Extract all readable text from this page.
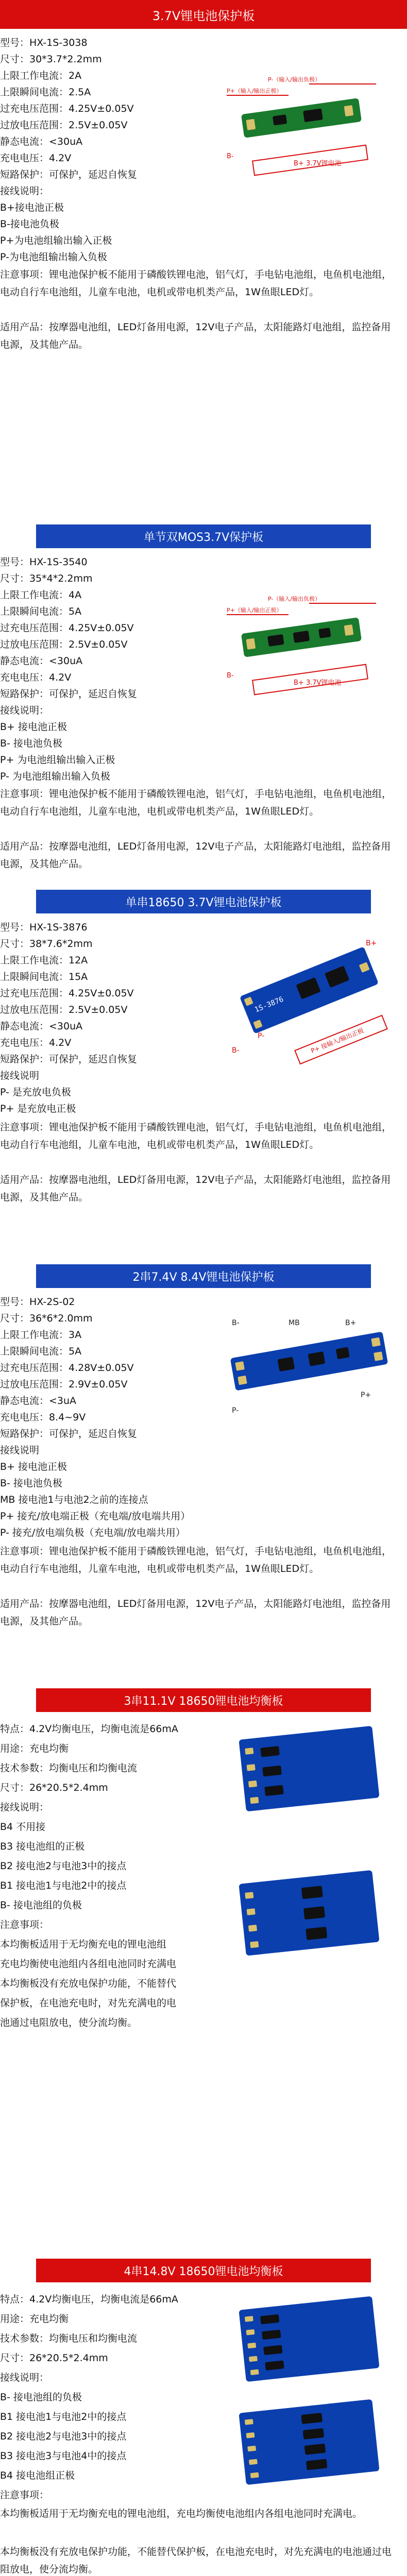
3.7V锂电池保护板
型号：HX-1S-3038
尺寸：30*3.7*2.2mm
上限工作电流：2A
上限瞬间电流：2.5A
过充电压范围：4.25V±0.05V
过放电压范围：2.5V±0.05V
静态电流：<30uA
充电电压：4.2V
短路保护：可保护，延迟自恢复
接线说明：
B+接电池正极
B-接电池负极
P+为电池组输出输入正极
P-为电池组输出输入负极
注意事项：锂电池保护板不能用于磷酸铁锂电池，铝气灯，手电钻电池组，电鱼机电池组，电动自行车电池组，儿童车电池，电机或带电机类产品，1W鱼眼LED灯。
适用产品：按摩器电池组，LED灯备用电源，12V电子产品，太阳能路灯电池组，监控备用电源，及其他产品。
P-（输入/输出负极）
P+（输入/输出正极）
B-
B+ 3.7V锂电池
单节双MOS3.7V保护板
型号：HX-1S-3540
尺寸：35*4*2.2mm
上限工作电流：4A
上限瞬间电流：5A
过充电压范围：4.25V±0.05V
过放电压范围：2.5V±0.05V
静态电流：<30uA
充电电压：4.2V
短路保护：可保护，延迟自恢复
接线说明：
B+ 接电池正极
B- 接电池负极
P+ 为电池组输出输入正极
P- 为电池组输出输入负极
注意事项：锂电池保护板不能用于磷酸铁锂电池，铝气灯，手电钻电池组，电鱼机电池组，电动自行车电池组，儿童车电池，电机或带电机类产品，1W鱼眼LED灯。
适用产品：按摩器电池组，LED灯备用电源，12V电子产品，太阳能路灯电池组，监控备用电源，及其他产品。
P-（输入/输出负极）
P+（输入/输出正极）
B-
B+ 3.7V锂电池
单串18650 3.7V锂电池保护板
型号：HX-1S-3876
尺寸：38*7.6*2mm
上限工作电流：12A
上限瞬间电流：15A
过充电压范围：4.25V±0.05V
过放电压范围：2.5V±0.05V
静态电流：<30uA
充电电压：4.2V
短路保护：可保护，延迟自恢复
接线说明
P- 是充放电负极
P+ 是充放电正极
注意事项：锂电池保护板不能用于磷酸铁锂电池，铝气灯，手电钻电池组，电鱼机电池组，电动自行车电池组，儿童车电池，电机或带电机类产品，1W鱼眼LED灯。
适用产品：按摩器电池组，LED灯备用电源，12V电子产品，太阳能路灯电池组，监控备用电源，及其他产品。
1S-3876
B+
B-
P-	P+ 接输入/输出正极
2串7.4V 8.4V锂电池保护板
型号：HX-2S-02
尺寸：36*6*2.0mm
上限工作电流：3A
上限瞬间电流：5A
过充电压范围：4.28V±0.05V
过放电压范围：2.9V±0.05V
静态电流：<3uA
充电电压：8.4~9V
短路保护：可保护，延迟自恢复
接线说明
B+ 接电池正极
B- 接电池负极
MB 接电池1与电池2之前的连接点
P+ 接充/放电端正极（充电端/放电端共用）
P- 接充/放电端负极（充电端/放电端共用）
注意事项：锂电池保护板不能用于磷酸铁锂电池，铝气灯，手电钻电池组，电鱼机电池组，电动自行车电池组，儿童车电池，电机或带电机类产品，1W鱼眼LED灯。
适用产品：按摩器电池组，LED灯备用电源，12V电子产品，太阳能路灯电池组，监控备用电源，及其他产品。
B-	MB	B+
P-
P+
3串11.1V 18650锂电池均衡板
特点：4.2V均衡电压，均衡电流是66mA
用途：充电均衡
技术参数：均衡电压和均衡电流
尺寸：26*20.5*2.4mm
接线说明：
B4 不用接
B3 接电池组的正极
B2 接电池2与电池3中的接点
B1 接电池1与电池2中的接点
B- 接电池组的负极
注意事项：
本均衡板适用于无均衡充电的锂电池组
充电均衡使电池组内各组电池同时充满电
本均衡板没有充放电保护功能，不能替代
保护板，在电池充电时，对先充满电的电
池通过电阻放电，使分流均衡。
4串14.8V 18650锂电池均衡板
特点：4.2V均衡电压，均衡电流是66mA
用途：充电均衡
技术参数：均衡电压和均衡电流
尺寸：26*20.5*2.4mm
接线说明：
B- 接电池组的负极
B1 接电池1与电池2中的接点
B2 接电池2与电池3中的接点
B3 接电池3与电池4中的接点
B4 接电池组正极
注意事项：
本均衡板适用于无均衡充电的锂电池组，充电均衡使电池组内各组电池同时充满电。
本均衡板没有充放电保护功能，不能替代保护板，在电池充电时，对先充满电的电池通过电阻放电，使分流均衡。
